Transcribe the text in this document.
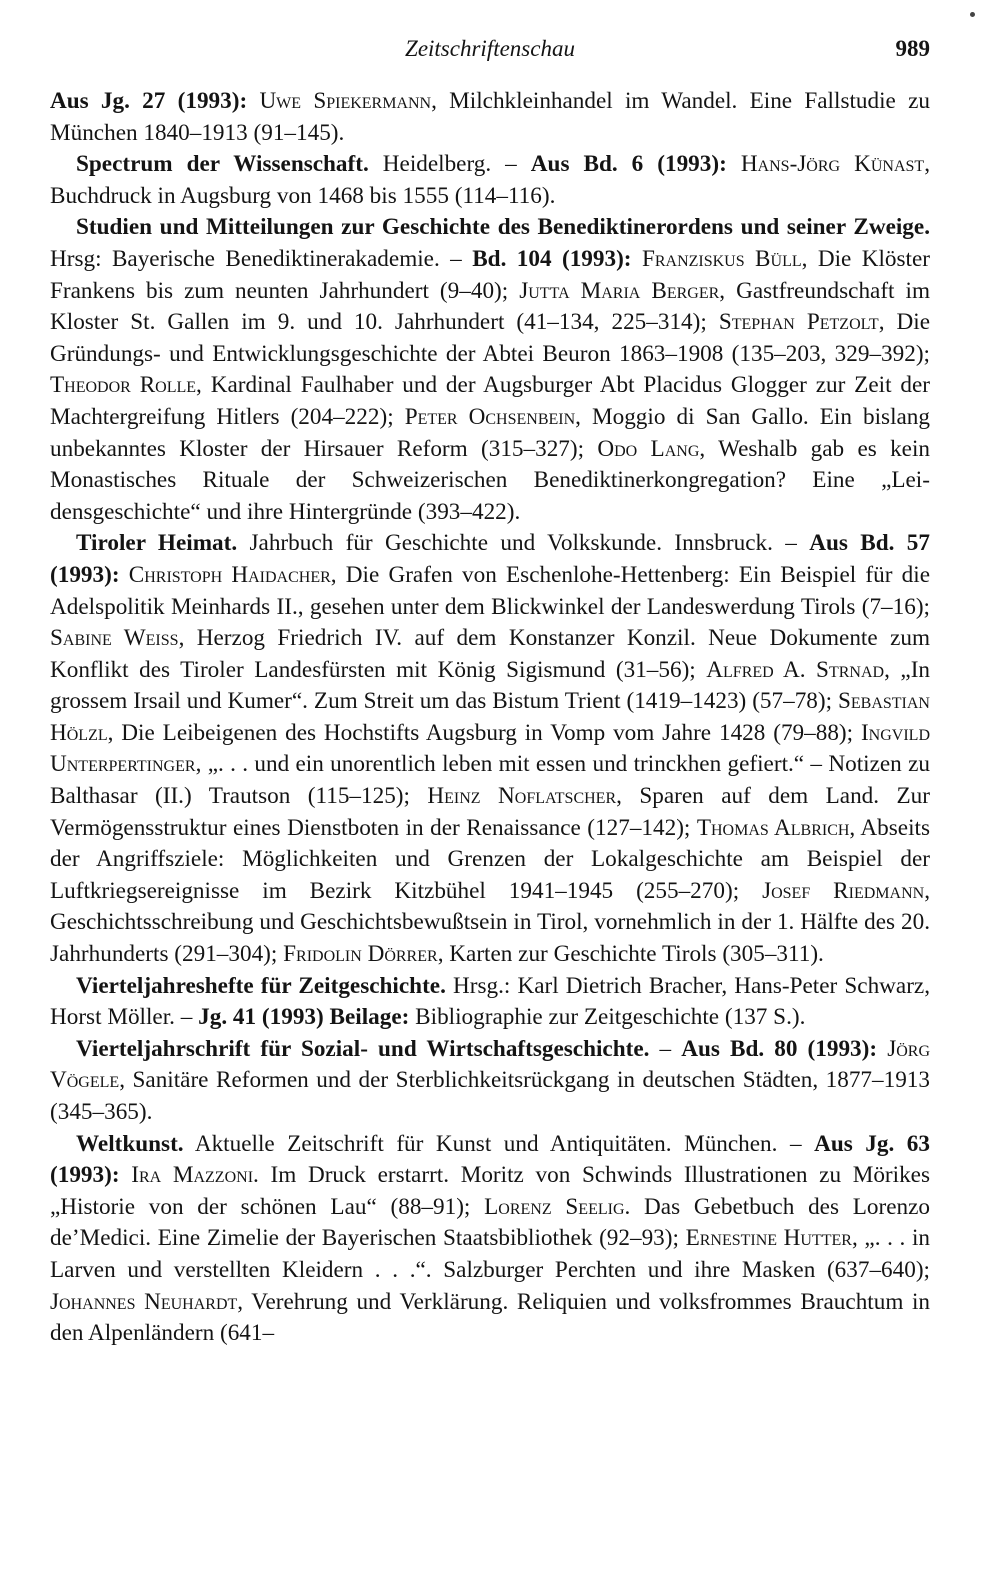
Zeitschriftenschau	989

Aus Jg. 27 (1993): Uwe Spiekermann, Milchkleinhandel im Wandel. Eine Fallstudie zu München 1840–1913 (91–145).

Spectrum der Wissenschaft. Heidelberg. – Aus Bd. 6 (1993): Hans-Jörg Künast, Buchdruck in Augsburg von 1468 bis 1555 (114–116).

Studien und Mitteilungen zur Geschichte des Benediktinerordens und seiner Zweige. Hrsg: Bayerische Benediktinerakademie. – Bd. 104 (1993): Franziskus Büll, Die Klöster Frankens bis zum neunten Jahrhundert (9–40); Jutta Maria Berger, Gastfreundschaft im Kloster St. Gallen im 9. und 10. Jahrhundert (41–134, 225–314); Stephan Petzolt, Die Gründungs- und Entwicklungsgeschichte der Abtei Beuron 1863–1908 (135–203, 329–392); Theodor Rolle, Kardinal Faulhaber und der Augsburger Abt Placidus Glogger zur Zeit der Machtergreifung Hitlers (204–222); Peter Ochsenbein, Moggio di San Gallo. Ein bislang unbekanntes Kloster der Hirsauer Reform (315–327); Odo Lang, Weshalb gab es kein Monastisches Rituale der Schweizerischen Benediktinerkongregation? Eine „Leidensgeschichte“ und ihre Hintergründe (393–422).

Tiroler Heimat. Jahrbuch für Geschichte und Volkskunde. Innsbruck. – Aus Bd. 57 (1993): Christoph Haidacher, Die Grafen von Eschenlohe-Hettenberg: Ein Beispiel für die Adelspolitik Meinhards II., gesehen unter dem Blickwinkel der Landeswerdung Tirols (7–16); Sabine Weiss, Herzog Friedrich IV. auf dem Konstanzer Konzil. Neue Dokumente zum Konflikt des Tiroler Landesfürsten mit König Sigismund (31–56); Alfred A. Strnad, „In grossem Irsail und Kumer“. Zum Streit um das Bistum Trient (1419–1423) (57–78); Sebastian Hölzl, Die Leibeigenen des Hochstifts Augsburg in Vomp vom Jahre 1428 (79–88); Ingvild Unterpertinger, „. . . und ein unorentlich leben mit essen und trinckhen gefiert.“ – Notizen zu Balthasar (II.) Trautson (115–125); Heinz Noflatscher, Sparen auf dem Land. Zur Vermögensstruktur eines Dienstboten in der Renaissance (127–142); Thomas Albrich, Abseits der Angriffsziele: Möglichkeiten und Grenzen der Lokalgeschichte am Beispiel der Luftkriegsereignisse im Bezirk Kitzbühel 1941–1945 (255–270); Josef Riedmann, Geschichtsschreibung und Geschichtsbewußtsein in Tirol, vornehmlich in der 1. Hälfte des 20. Jahrhunderts (291–304); Fridolin Dörrer, Karten zur Geschichte Tirols (305–311).

Vierteljahreshefte für Zeitgeschichte. Hrsg.: Karl Dietrich Bracher, Hans-Peter Schwarz, Horst Möller. – Jg. 41 (1993) Beilage: Bibliographie zur Zeitgeschichte (137 S.).

Vierteljahrschrift für Sozial- und Wirtschaftsgeschichte. – Aus Bd. 80 (1993): Jörg Vögele, Sanitäre Reformen und der Sterblichkeitsrückgang in deutschen Städten, 1877–1913 (345–365).

Weltkunst. Aktuelle Zeitschrift für Kunst und Antiquitäten. München. – Aus Jg. 63 (1993): Ira Mazzoni. Im Druck erstarrt. Moritz von Schwinds Illustrationen zu Mörikes „Historie von der schönen Lau“ (88–91); Lorenz Seelig. Das Gebetbuch des Lorenzo de’Medici. Eine Zimelie der Bayerischen Staatsbibliothek (92–93); Ernestine Hutter, „. . . in Larven und verstellten Kleidern . . .“. Salzburger Perchten und ihre Masken (637–640); Johannes Neuhardt, Verehrung und Verklärung. Reliquien und volksfrommes Brauchtum in den Alpenländern (641–
